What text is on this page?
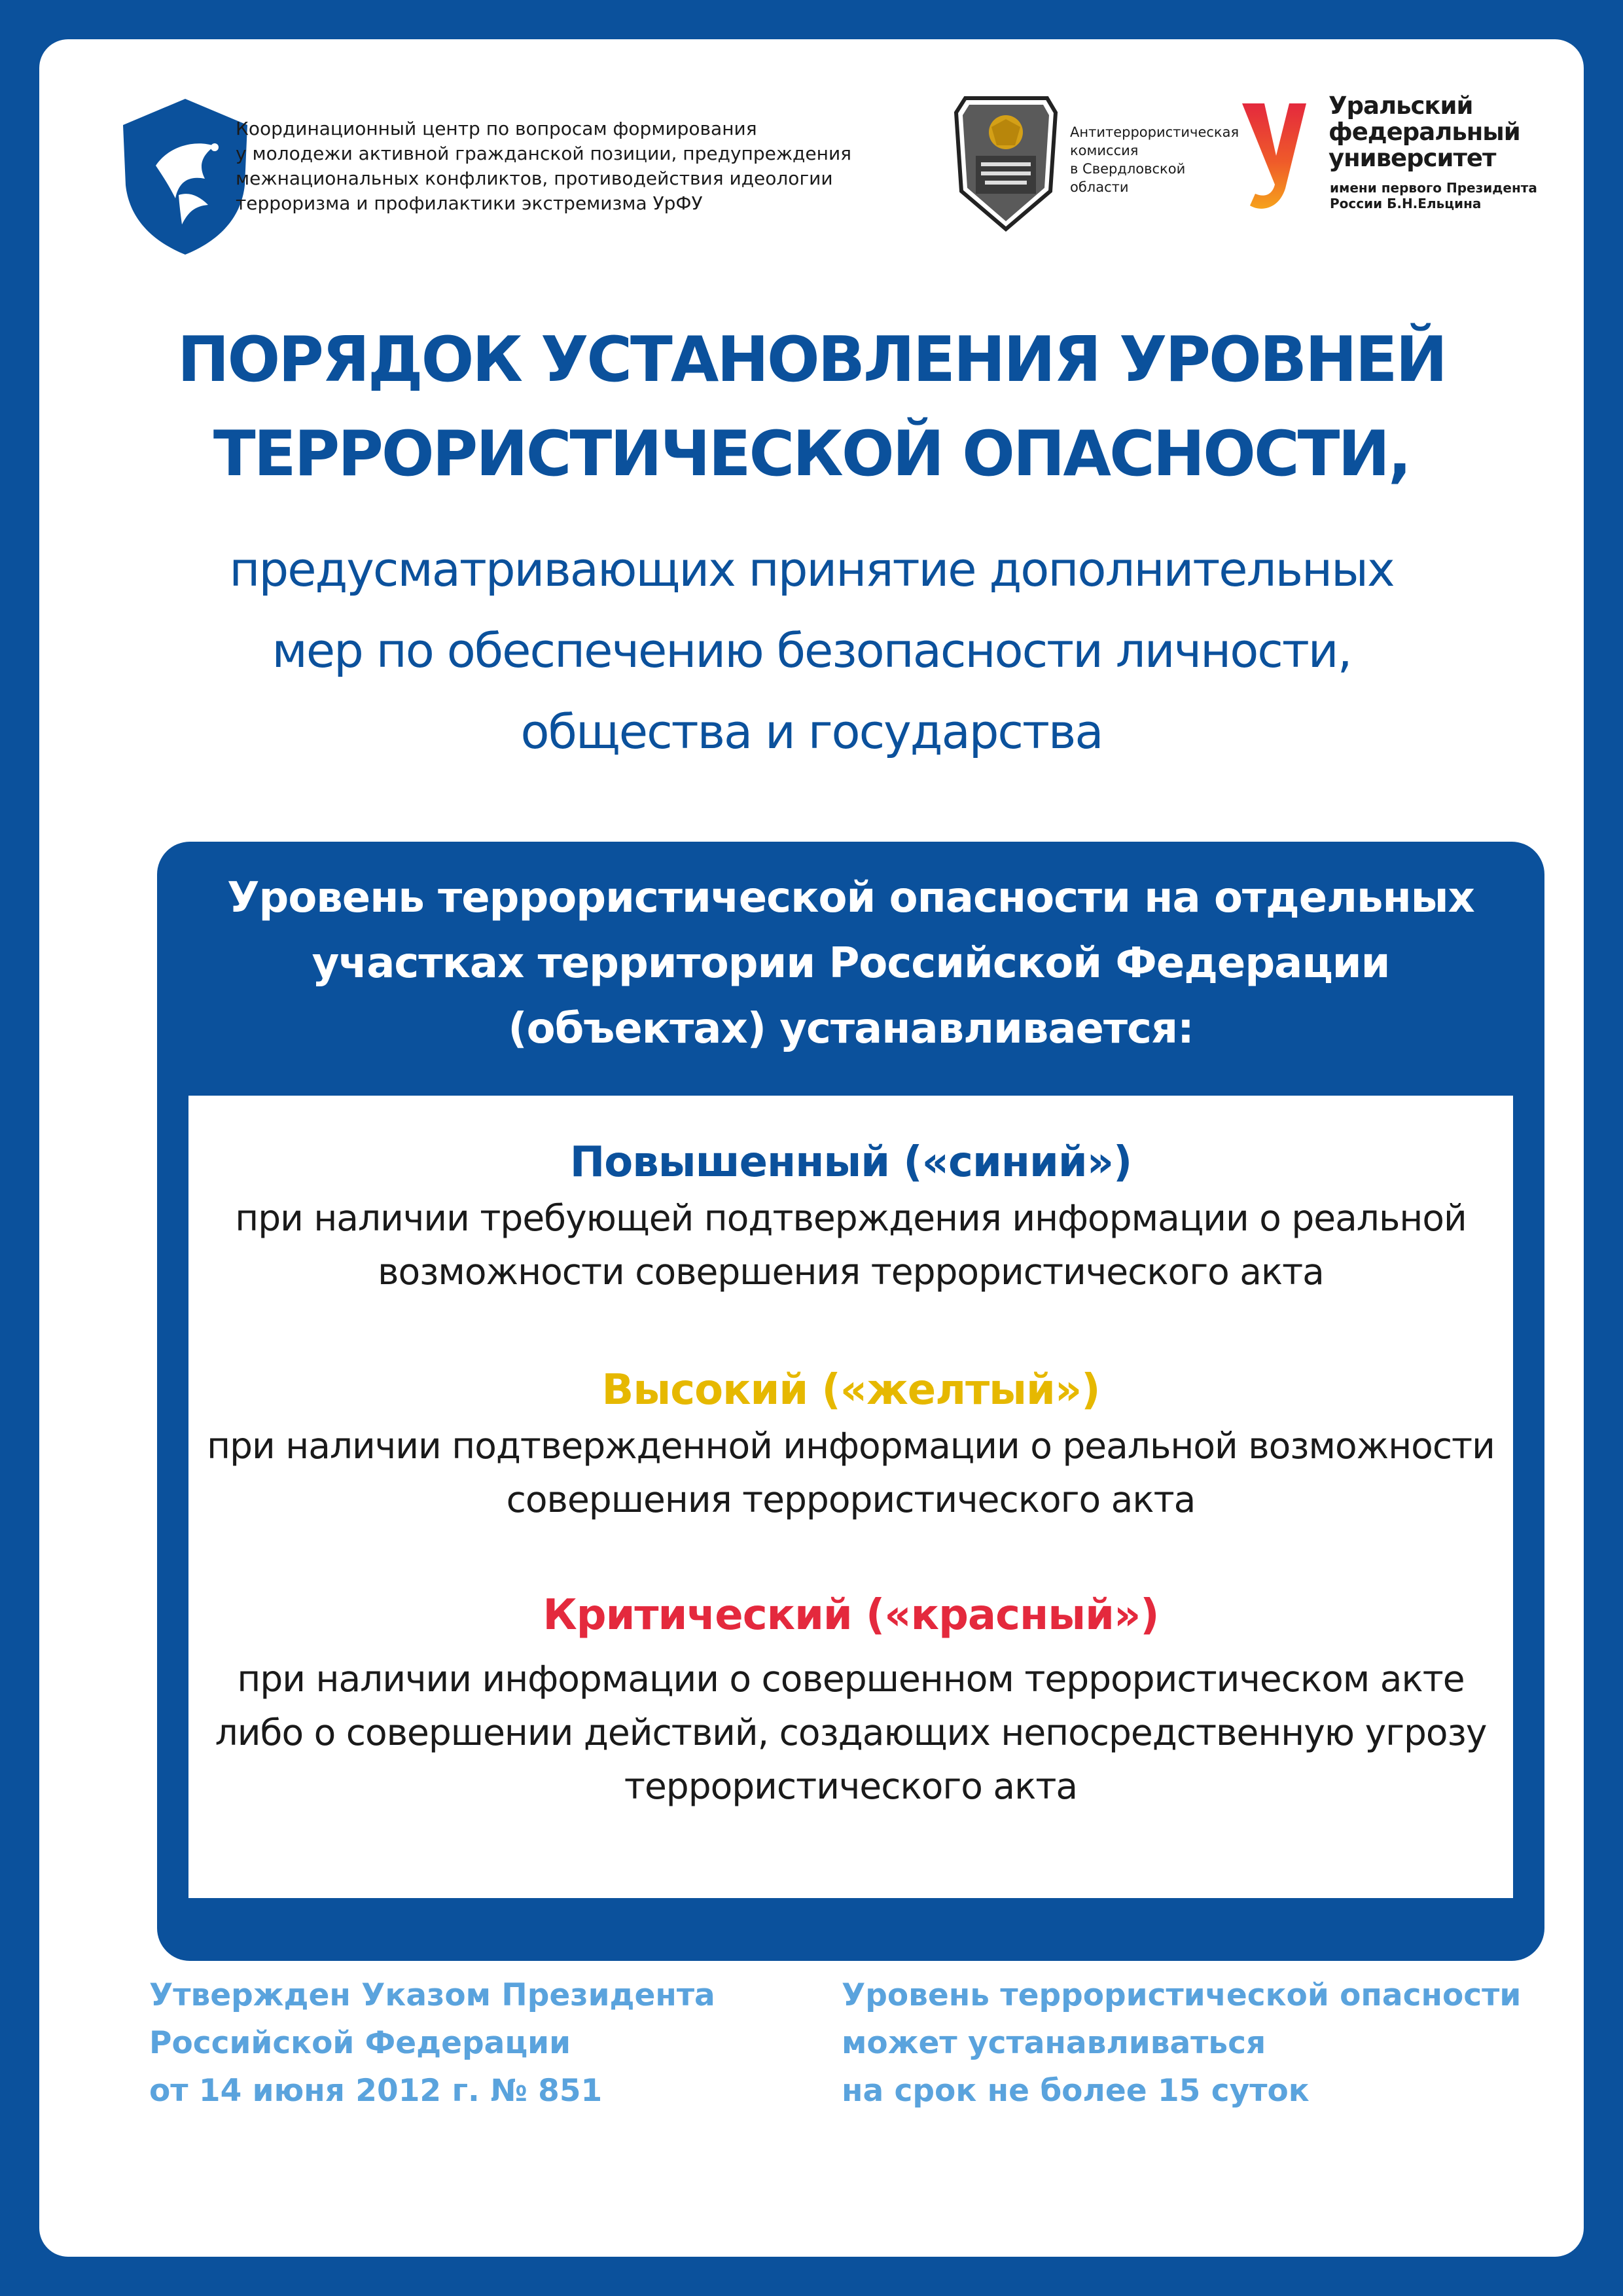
Координационный центр по вопросам формирования
у молодежи активной гражданской позиции, предупреждения
межнациональных конфликтов, противодействия идеологии
терроризма и профилактики экстремизма УрФУ
Антитеррористическая
комиссия
в Свердловской
области
Уральский
федеральный
университет
имени первого Президента
России Б.Н.Ельцина
ПОРЯДОК УСТАНОВЛЕНИЯ УРОВНЕЙ
ТЕРРОРИСТИЧЕСКОЙ ОПАСНОСТИ,
предусматривающих принятие дополнительных
мер по обеспечению безопасности личности,
общества и государства
Уровень террористической опасности на отдельных
участках территории Российской Федерации
(объектах) устанавливается:
Повышенный («синий»)
при наличии требующей подтверждения информации о реальной
возможности совершения террористического акта
Высокий («желтый»)
при наличии подтвержденной информации о реальной возможности
совершения террористического акта
Критический («красный»)
при наличии информации о совершенном террористическом акте
либо о совершении действий, создающих непосредственную угрозу
террористического акта
Утвержден Указом Президента
Российской Федерации
от 14 июня 2012 г. № 851
Уровень террористической опасности
может устанавливаться
на срок не более 15 суток
